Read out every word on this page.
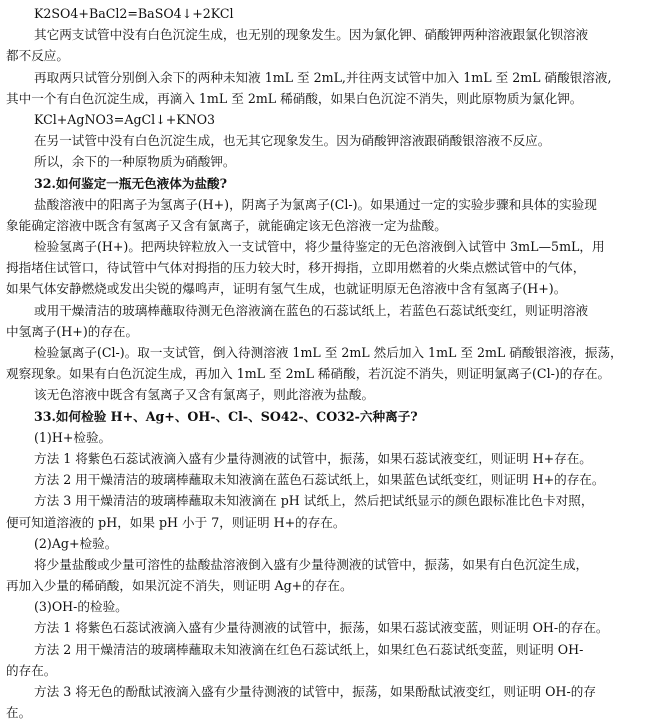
K2SO4+BaCl2=BaSO4↓+2KCl
其它两支试管中没有白色沉淀生成，也无别的现象发生。因为氯化钾、硝酸钾两种溶液跟氯化钡溶液
都不反应。
再取两只试管分别倒入余下的两种未知液 1mL 至 2mL,并往两支试管中加入 1mL 至 2mL 硝酸银溶液,
其中一个有白色沉淀生成，再滴入 1mL 至 2mL 稀硝酸，如果白色沉淀不消失，则此原物质为氯化钾。
KCl+AgNO3=AgCl↓+KNO3
在另一试管中没有白色沉淀生成，也无其它现象发生。因为硝酸钾溶液跟硝酸银溶液不反应。
所以，余下的一种原物质为硝酸钾。
32.如何鉴定一瓶无色液体为盐酸?
盐酸溶液中的阳离子为氢离子(H+)，阴离子为氯离子(Cl-)。如果通过一定的实验步骤和具体的实验现
象能确定溶液中既含有氢离子又含有氯离子，就能确定该无色溶液一定为盐酸。
检验氢离子(H+)。把两块锌粒放入一支试管中，将少量待鉴定的无色溶液倒入试管中 3mL—5mL，用
拇指堵住试管口，待试管中气体对拇指的压力较大时，移开拇指，立即用燃着的火柴点燃试管中的气体，
如果气体安静燃烧或发出尖锐的爆鸣声，证明有氢气生成，也就证明原无色溶液中含有氢离子(H+)。
或用干燥清洁的玻璃棒蘸取待测无色溶液滴在蓝色的石蕊试纸上，若蓝色石蕊试纸变红，则证明溶液
中氢离子(H+)的存在。
检验氯离子(Cl-)。取一支试管，倒入待测溶液 1mL 至 2mL 然后加入 1mL 至 2mL 硝酸银溶液，振荡，
观察现象。如果有白色沉淀生成，再加入 1mL 至 2mL 稀硝酸，若沉淀不消失，则证明氯离子(Cl-)的存在。
该无色溶液中既含有氢离子又含有氯离子，则此溶液为盐酸。
33.如何检验 H+、Ag+、OH-、Cl-、SO42-、CO32-六种离子?
(1)H+检验。
方法 1 将紫色石蕊试液滴入盛有少量待测液的试管中，振荡，如果石蕊试液变红，则证明 H+存在。
方法 2 用干燥清洁的玻璃棒蘸取未知液滴在蓝色石蕊试纸上，如果蓝色试纸变红，则证明 H+的存在。
方法 3 用干燥清洁的玻璃棒蘸取未知液滴在 pH 试纸上，然后把试纸显示的颜色跟标准比色卡对照，
便可知道溶液的 pH，如果 pH 小于 7，则证明 H+的存在。
(2)Ag+检验。
将少量盐酸或少量可溶性的盐酸盐溶液倒入盛有少量待测液的试管中，振荡，如果有白色沉淀生成，
再加入少量的稀硝酸，如果沉淀不消失，则证明 Ag+的存在。
(3)OH-的检验。
方法 1 将紫色石蕊试液滴入盛有少量待测液的试管中，振荡，如果石蕊试液变蓝，则证明 OH-的存在。
方法 2 用干燥清洁的玻璃棒蘸取未知液滴在红色石蕊试纸上，如果红色石蕊试纸变蓝，则证明 OH-
的存在。
方法 3 将无色的酚酞试液滴入盛有少量待测液的试管中，振荡，如果酚酞试液变红，则证明 OH-的存
在。
